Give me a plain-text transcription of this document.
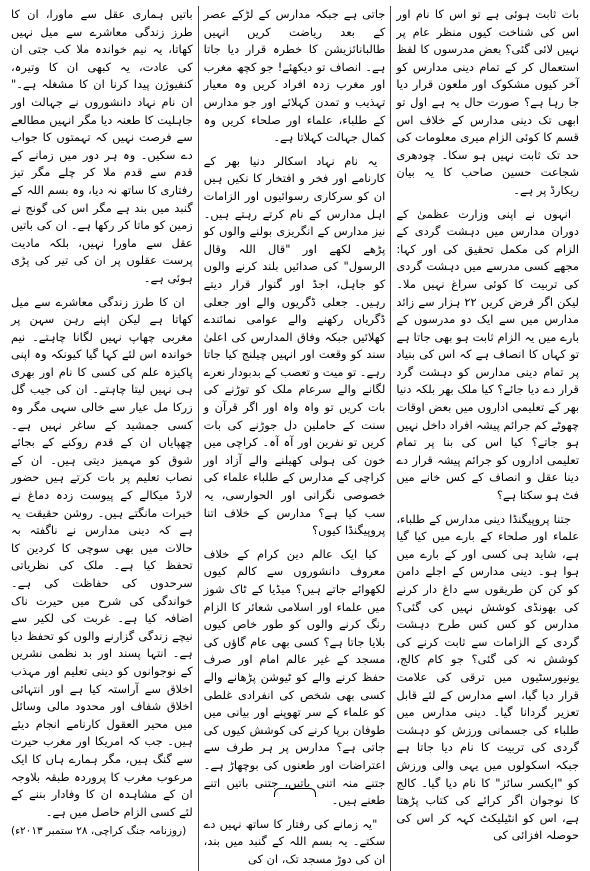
بات ثابت ہوئی ہے تو اس کا نام اور اس کی شناخت کیوں منظر عام پر نہیں لائی گئی؟ بعض مدرسوں کا لفظ استعمال کر کے تمام دینی مدارس کو آخر کیوں مشکوک اور ملعون قرار دیا جا رہا ہے؟ صورت حال یہ ہے اول تو ابھی تک دینی مدارس کے خلاف اس قسم کا کوئی الزام میری معلومات کی حد تک ثابت نہیں ہو سکا۔ چودھری شجاعت حسین صاحب کا یہ بیان ریکارڈ پر ہے۔

انہوں نے اپنی وزارت عظمیٰ کے دوران مدارس میں دہشت گردی کے الزام کی مکمل تحقیق کی اور کہا: مجھے کسی مدرسے میں دہشت گردی کی تربیت کا کوئی سراغ نہیں ملا۔ لیکن اگر فرض کریں ۲۲ ہزار سے زائد مدارس میں سے ایک دو مدرسوں کے بارے میں یہ الزام ثابت ہو بھی جاتا ہے تو کہاں کا انصاف ہے کہ اس کی بنیاد پر تمام دینی مدارس کو دہشت گرد قرار دے دیا جائے؟ کیا ملک بھر بلکہ دنیا بھر کے تعلیمی اداروں میں بعض اوقات چھوٹے کم جرائم پیشہ افراد داخل نہیں ہو جاتے؟ کیا اس کی بنا پر تمام تعلیمی اداروں کو جرائم پیشہ قرار دے دینا عقل و انصاف کے کس خانے میں فٹ ہو سکتا ہے؟

جتنا پروپیگنڈا دینی مدارس کے طلباء، علماء اور صلحاء کے بارے میں کیا گیا ہے، شاید ہی کسی اور کے بارے میں ہوا ہو۔ دینی مدارس کے اجلے دامن کو کن کن طریقوں سے داغ دار کرنے کی بھونڈی کوشش نہیں کی گئی؟ مدارس کو کس کس طرح دہشت گردی کے الزامات سے ثابت کرنے کی کوشش نہ کی گئی؟ جو کام کالج، یونیورسٹیوں میں ترقی کی علامت قرار دیا گیا، اسے مدارس کے لئے قابل تعزیر گردانا گیا۔ دینی مدارس میں طلباء کی جسمانی ورزش کو دہشت گردی کی تربیت کا نام دیا جاتا ہے جبکہ اسکولوں میں یہی والی ورزش کو "ایکسر سائز" کا نام دیا گیا۔ کالج کا نوجوان اگر کرائے کی کتاب پڑھتا ہے، اس کو انٹیلیکٹ کہہ کر اس کی حوصلہ افزائی کی

جاتی ہے جبکہ مدارس کے لڑکے عصر کے بعد ریاضت کریں انہیں طالبانائزیشن کا خطرہ قرار دیا جاتا ہے۔ انصاف تو دیکھئے! جو کچھ مغرب اور مغرب زدہ افراد کریں وہ معیار تہذیب و تمدن کہلائے اور جو مدارس کے طلباء، علماء اور صلحاء کریں وہ کمال جہالت کہلاتا ہے۔

یہ نام نہاد اسکالر دنیا بھر کے کارنامے اور فخر و افتخار کا نکیں ہیں ان کو سرکاری رسوائیوں اور الزامات اہل مدارس کے نام کرتے رہتے ہیں۔ نیز مدارس کے انگریزی بولنے والوں کو پڑھے لکھے اور "قال اللہ وقال الرسول" کی صدائیں بلند کرنے والوں کو جاہل، اجڈ اور گنوار قرار دیتے رہیں۔ جعلی ڈگریوں والے اور جعلی ڈگریاں رکھنے والے عوامی نمائندے کھلائیں جبکہ وفاق المدارس کی اعلیٰ سند کو وقعت اور انہیں چیلنج کیا جاتا رہے۔ تو میت و تعصب کے بدبودار نعرے لگانے والے سرعام ملک کو توڑنے کی بات کریں تو واہ واہ اور اگر قرآن و سنت کے حاملین دل جوڑنے کی بات کریں تو نفرین اور آہ آہ۔ کراچی میں خون کی ہولی کھیلنے والے آزاد اور کراچی کے مدارس کے طلباء علماء کی خصوصی نگرانی اور الحوارسی، یہ سب کیا ہے؟ مدارس کے خلاف اتنا پروپیگنڈا کیوں؟

کیا ایک عالم دین کرام کے خلاف معروف دانشوروں سے کالم کیوں لکھوائے جاتے ہیں؟ میڈیا کے ٹاک شوز میں علماء اور اسلامی شعائر کا الزام رنگ کرنے والوں کو طور خاص کیوں بلایا جاتا ہے؟ کسی بھی عام گاؤں کی مسجد کے غیر عالم امام اور صرف حفظ کرنے والے کو ٹیوشن پڑھانے والے کسی بھی شخص کی انفرادی غلطی کو علماء کے سر تھوپنے اور بیانی میں طوفان برپا کرنے کی کوشش کیوں کی جاتی ہے؟ مدارس پر ہر طرف سے اعتراضات اور طعنوں کی بوچھاڑ ہے۔ جتنے منہ اتنی باتیں، جتنی باتیں اتنے طعنے ہیں۔

"یہ زمانے کی رفتار کا ساتھ نہیں دے سکتے۔ یہ بسم اللہ کے گنبد میں بند، ان کی دوڑ مسجد تک، ان کی

باتیں ہماری عقل سے ماورا، ان کا طرز زندگی معاشرے سے میل نہیں کھاتا، یہ نیم خواندہ ملا کب جتی ان کی عادت، یہ کبھی ان کا وتیرہ، کنفیوژن پیدا کرنا ان کا مشغلہ ہے۔" ان نام نہاد دانشوروں نے جہالت اور جاہلیت کا طعنہ دیا مگر انہیں مطالعے سے فرصت نہیں کہ تہمتوں کا جواب دے سکیں۔ وہ ہر دور میں زمانے کے قدم سے قدم ملا کر چلے مگر تیز رفتاری کا ساتھ نہ دیا، وہ بسم اللہ کے گنبد میں بند ہے مگر اس کی گونج نے زمین کو ماتا کر رکھا ہے۔ ان کی باتیں عقل سے ماورا نہیں، بلکہ مادیت پرست عقلوں پر ان کی تیر کی پڑی ہوئی ہے۔

ان کا طرز زندگی معاشرے سے میل کھاتا ہے لیکن اپنے رہن سہن پر مغربی چھاپ نہیں لگانا چاہتے۔ نیم خواندہ اس لئے کہا گیا کیونکہ وہ اپنی پاکیزہ علم کی کسی کا نام اور بھری ہی نہیں لیتا چاہتے۔ ان کی جیب گل زرکا مل عیار سے خالی سہی مگر وہ کسی جمشید کے ساغر نہیں ہے۔ چھپایاں ان کے قدم روکنے کے بجائے شوق کو مہمیز دیتی ہیں۔ ان کے نصاب تعلیم پر بات کرتے ہیں حضور لارڈ میکالے کے پیوست زدہ دماغ نے خیرات مانگتے ہیں۔ روشن حقیقت یہ ہے کہ دینی مدارس نے ناگفتہ بہ حالات میں بھی سوچی کا کردین کا تحفظ کیا ہے۔ ملک کی نظریاتی سرحدوں کی حفاظت کی ہے۔ خواندگی کی شرح میں حیرت ناک اضافہ کیا ہے۔ غربت کی لکیر سے نیچے زندگی گزارنے والوں کو تحفظ دیا ہے۔ انتہا پسند اور بد نظمی نشریں کے نوجوانوں کو دینی تعلیم اور مہذب اخلاق سے آراستہ کیا ہے اور انتہائی اخلاق شفاف اور محدود مالی وسائل میں محیر العقول کارنامے انجام دیئے ہیں۔ جب کہ امریکا اور مغرب حیرت سے گنگ ہیں، مگر ہمارے ہاں کا ایک مرعوب مغرب کا پروردہ طبقہ بلاوجہ ان کے مشاہدہ ان کا وفادار بننے کے لئے کسی الزام حاصل میں ہے۔

(روزنامہ جنگ کراچی، ۲۸ ستمبر ۲۰۱۳ء)
